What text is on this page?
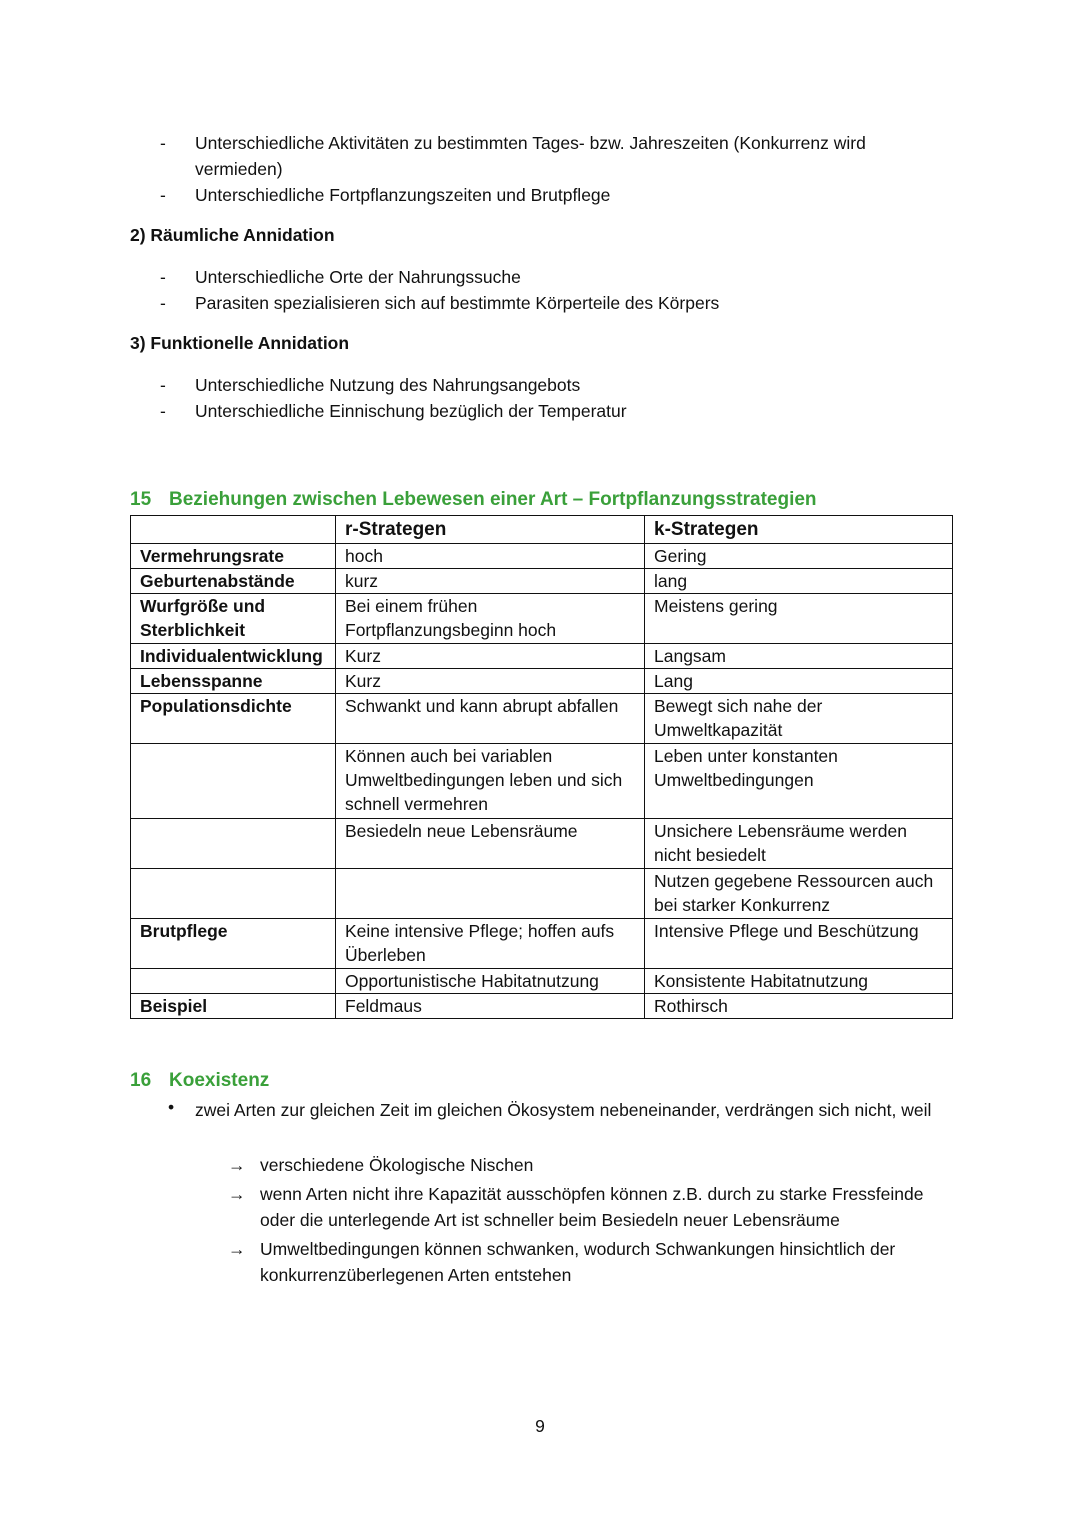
- Unterschiedliche Aktivitäten zu bestimmten Tages- bzw. Jahreszeiten (Konkurrenz wird vermieden)
- Unterschiedliche Fortpflanzungszeiten und Brutpflege
2) Räumliche Annidation
- Unterschiedliche Orte der Nahrungssuche
- Parasiten spezialisieren sich auf bestimmte Körperteile des Körpers
3) Funktionelle Annidation
- Unterschiedliche Nutzung des Nahrungsangebots
- Unterschiedliche Einnischung bezüglich der Temperatur
15 Beziehungen zwischen Lebewesen einer Art – Fortpflanzungsstrategien
	r-Strategen	k-Strategen
Vermehrungsrate	hoch	Gering
Geburtenabstände	kurz	lang
Wurfgröße und Sterblichkeit	Bei einem frühen Fortpflanzungsbeginn hoch	Meistens gering
Individualentwicklung	Kurz	Langsam
Lebensspanne	Kurz	Lang
Populationsdichte	Schwankt und kann abrupt abfallen	Bewegt sich nahe der Umweltkapazität
	Können auch bei variablen Umweltbedingungen leben und sich schnell vermehren	Leben unter konstanten Umweltbedingungen
	Besiedeln neue Lebensräume	Unsichere Lebensräume werden nicht besiedelt
		Nutzen gegebene Ressourcen auch bei starker Konkurrenz
Brutpflege	Keine intensive Pflege; hoffen aufs Überleben	Intensive Pflege und Beschützung
	Opportunistische Habitatnutzung	Konsistente Habitatnutzung
Beispiel	Feldmaus	Rothirsch
16 Koexistenz
• zwei Arten zur gleichen Zeit im gleichen Ökosystem nebeneinander, verdrängen sich nicht, weil
→ verschiedene Ökologische Nischen
→ wenn Arten nicht ihre Kapazität ausschöpfen können z.B. durch zu starke Fressfeinde oder die unterlegende Art ist schneller beim Besiedeln neuer Lebensräume
→ Umweltbedingungen können schwanken, wodurch Schwankungen hinsichtlich der konkurrenzüberlegenen Arten entstehen
9
